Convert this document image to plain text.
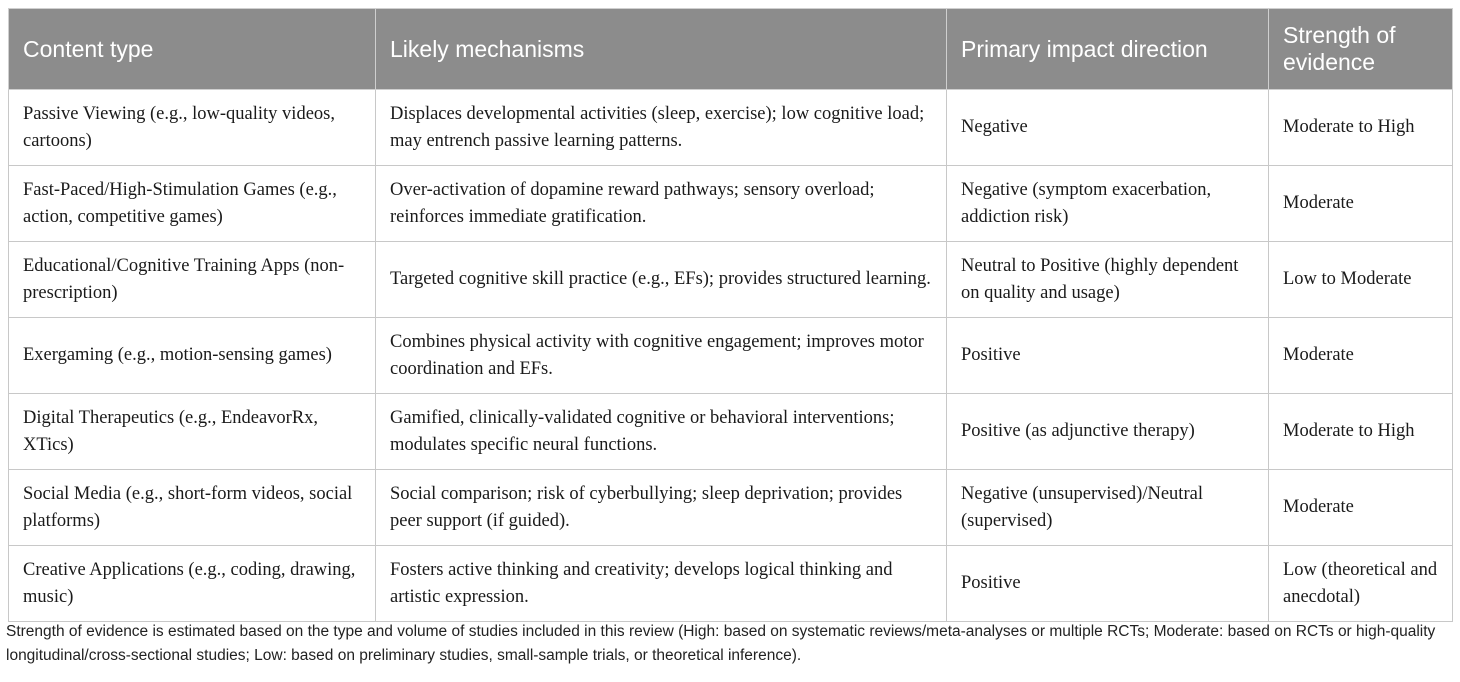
Content type	Likely mechanisms	Primary impact direction	Strength of evidence
Passive Viewing (e.g., low-quality videos, cartoons)	Displaces developmental activities (sleep, exercise); low cognitive load; may entrench passive learning patterns.	Negative	Moderate to High
Fast-Paced/High-Stimulation Games (e.g., action, competitive games)	Over-activation of dopamine reward pathways; sensory overload; reinforces immediate gratification.	Negative (symptom exacerbation, addiction risk)	Moderate
Educational/Cognitive Training Apps (non-prescription)	Targeted cognitive skill practice (e.g., EFs); provides structured learning.	Neutral to Positive (highly dependent on quality and usage)	Low to Moderate
Exergaming (e.g., motion-sensing games)	Combines physical activity with cognitive engagement; improves motor coordination and EFs.	Positive	Moderate
Digital Therapeutics (e.g., EndeavorRx, XTics)	Gamified, clinically-validated cognitive or behavioral interventions; modulates specific neural functions.	Positive (as adjunctive therapy)	Moderate to High
Social Media (e.g., short-form videos, social platforms)	Social comparison; risk of cyberbullying; sleep deprivation; provides peer support (if guided).	Negative (unsupervised)/Neutral (supervised)	Moderate
Creative Applications (e.g., coding, drawing, music)	Fosters active thinking and creativity; develops logical thinking and artistic expression.	Positive	Low (theoretical and anecdotal)
Strength of evidence is estimated based on the type and volume of studies included in this review (High: based on systematic reviews/meta-analyses or multiple RCTs; Moderate: based on RCTs or high-quality longitudinal/cross-sectional studies; Low: based on preliminary studies, small-sample trials, or theoretical inference).
